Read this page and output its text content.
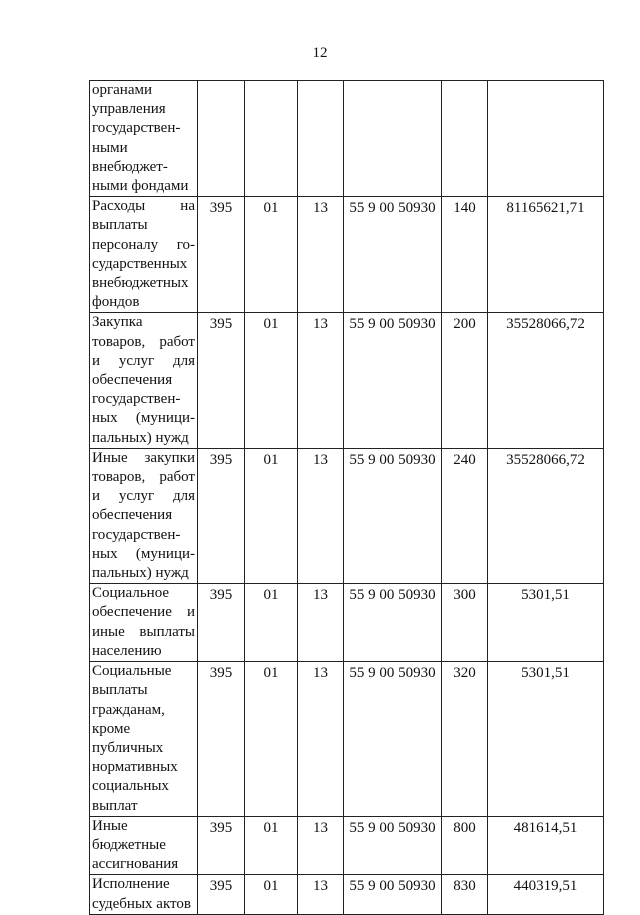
12
органами управления государственными внебюджетными фондами						
Расходы на выплаты персоналу государственных внебюджетных фондов	395	01	13	55 9 00 50930	140	81165621,71
Закупка товаров, работ и услуг для обеспечения государственных (муниципальных) нужд	395	01	13	55 9 00 50930	200	35528066,72
Иные закупки товаров, работ и услуг для обеспечения государственных (муниципальных) нужд	395	01	13	55 9 00 50930	240	35528066,72
Социальное обеспечение и иные выплаты населению	395	01	13	55 9 00 50930	300	5301,51
Социальные выплаты гражданам, кроме публичных нормативных социальных выплат	395	01	13	55 9 00 50930	320	5301,51
Иные бюджетные ассигнования	395	01	13	55 9 00 50930	800	481614,51
Исполнение судебных актов	395	01	13	55 9 00 50930	830	440319,51
